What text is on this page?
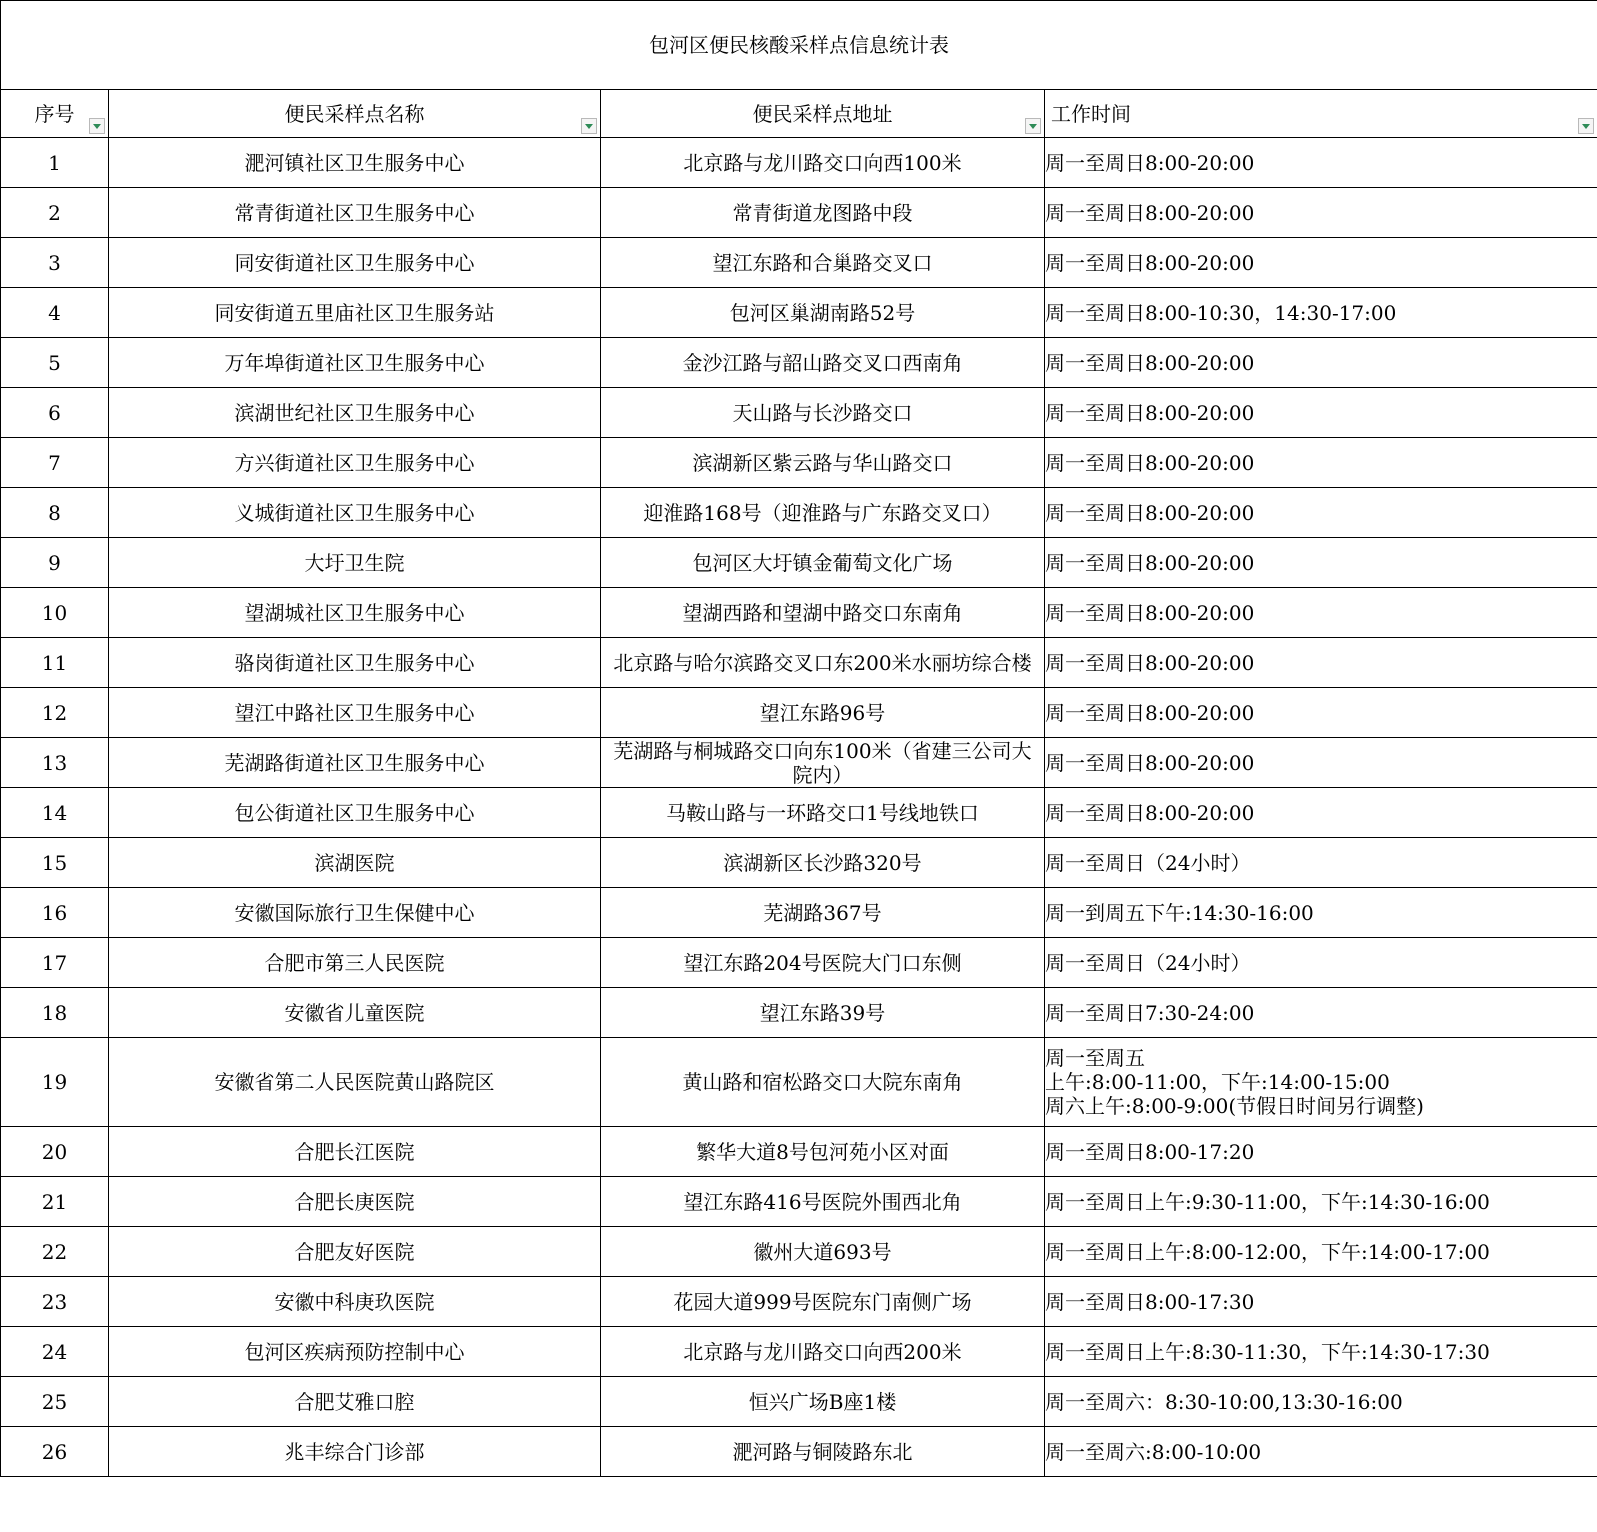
包河区便民核酸采样点信息统计表			

序号	便民采样点名称	便民采样点地址	工作时间

1	淝河镇社区卫生服务中心	北京路与龙川路交口向西100米	周一至周日8:00-20:00
2	常青街道社区卫生服务中心	常青街道龙图路中段	周一至周日8:00-20:00
3	同安街道社区卫生服务中心	望江东路和合巢路交叉口	周一至周日8:00-20:00
4	同安街道五里庙社区卫生服务站	包河区巢湖南路52号	周一至周日8:00-10:30，14:30-17:00
5	万年埠街道社区卫生服务中心	金沙江路与韶山路交叉口西南角	周一至周日8:00-20:00
6	滨湖世纪社区卫生服务中心	天山路与长沙路交口	周一至周日8:00-20:00
7	方兴街道社区卫生服务中心	滨湖新区紫云路与华山路交口	周一至周日8:00-20:00
8	义城街道社区卫生服务中心	迎淮路168号（迎淮路与广东路交叉口）	周一至周日8:00-20:00
9	大圩卫生院	包河区大圩镇金葡萄文化广场	周一至周日8:00-20:00
10	望湖城社区卫生服务中心	望湖西路和望湖中路交口东南角	周一至周日8:00-20:00
11	骆岗街道社区卫生服务中心	北京路与哈尔滨路交叉口东200米水丽坊综合楼	周一至周日8:00-20:00
12	望江中路社区卫生服务中心	望江东路96号	周一至周日8:00-20:00
13	芜湖路街道社区卫生服务中心	芜湖路与桐城路交口向东100米（省建三公司大院内）	周一至周日8:00-20:00
14	包公街道社区卫生服务中心	马鞍山路与一环路交口1号线地铁口	周一至周日8:00-20:00
15	滨湖医院	滨湖新区长沙路320号	周一至周日（24小时）
16	安徽国际旅行卫生保健中心	芜湖路367号	周一到周五下午:14:30-16:00
17	合肥市第三人民医院	望江东路204号医院大门口东侧	周一至周日（24小时）
18	安徽省儿童医院	望江东路39号	周一至周日7:30-24:00
19	安徽省第二人民医院黄山路院区	黄山路和宿松路交口大院东南角	周一至周五
上午:8:00-11:00，下午:14:00-15:00
周六上午:8:00-9:00(节假日时间另行调整)
20	合肥长江医院	繁华大道8号包河苑小区对面	周一至周日8:00-17:20
21	合肥长庚医院	望江东路416号医院外围西北角	周一至周日上午:9:30-11:00，下午:14:30-16:00
22	合肥友好医院	徽州大道693号	周一至周日上午:8:00-12:00，下午:14:00-17:00
23	安徽中科庚玖医院	花园大道999号医院东门南侧广场	周一至周日8:00-17:30
24	包河区疾病预防控制中心	北京路与龙川路交口向西200米	周一至周日上午:8:30-11:30，下午:14:30-17:30
25	合肥艾雅口腔	恒兴广场B座1楼	周一至周六：8:30-10:00,13:30-16:00
26	兆丰综合门诊部	淝河路与铜陵路东北	周一至周六:8:00-10:00
